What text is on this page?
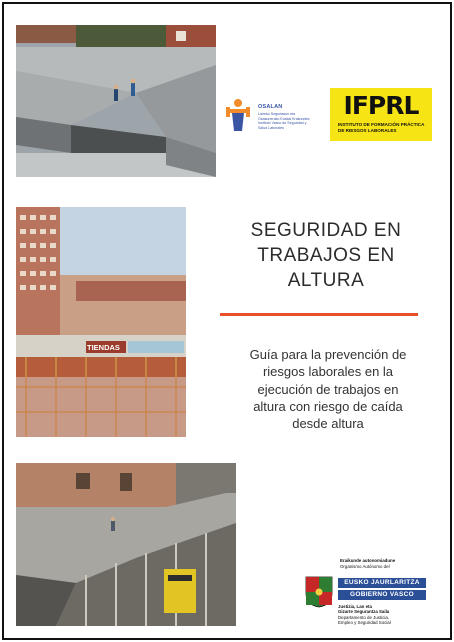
TIENDAS
OSALAN
Laneko Segurtasun eta
Osasunerako Euskal Erakundea
Instituto Vasco de Seguridad y
Salud Laborales
IFPRL
INSTITUTO DE FORMACIÓN PRÁCTICA
DE RIESGOS LABORALES
SEGURIDAD EN
TRABAJOS EN
ALTURA
Guía para la prevención de
riesgos laborales en la
ejecución de trabajos en
altura con riesgo de caída
desde altura
Eraikunde autonomiadune
Organismo Autónomo del
EUSKO JAURLARITZA
GOBIERNO VASCO
Justizia, Lan eta
Gizarte Segurantza Saila
Departamento de Justicia,
Empleo y Seguridad Social
